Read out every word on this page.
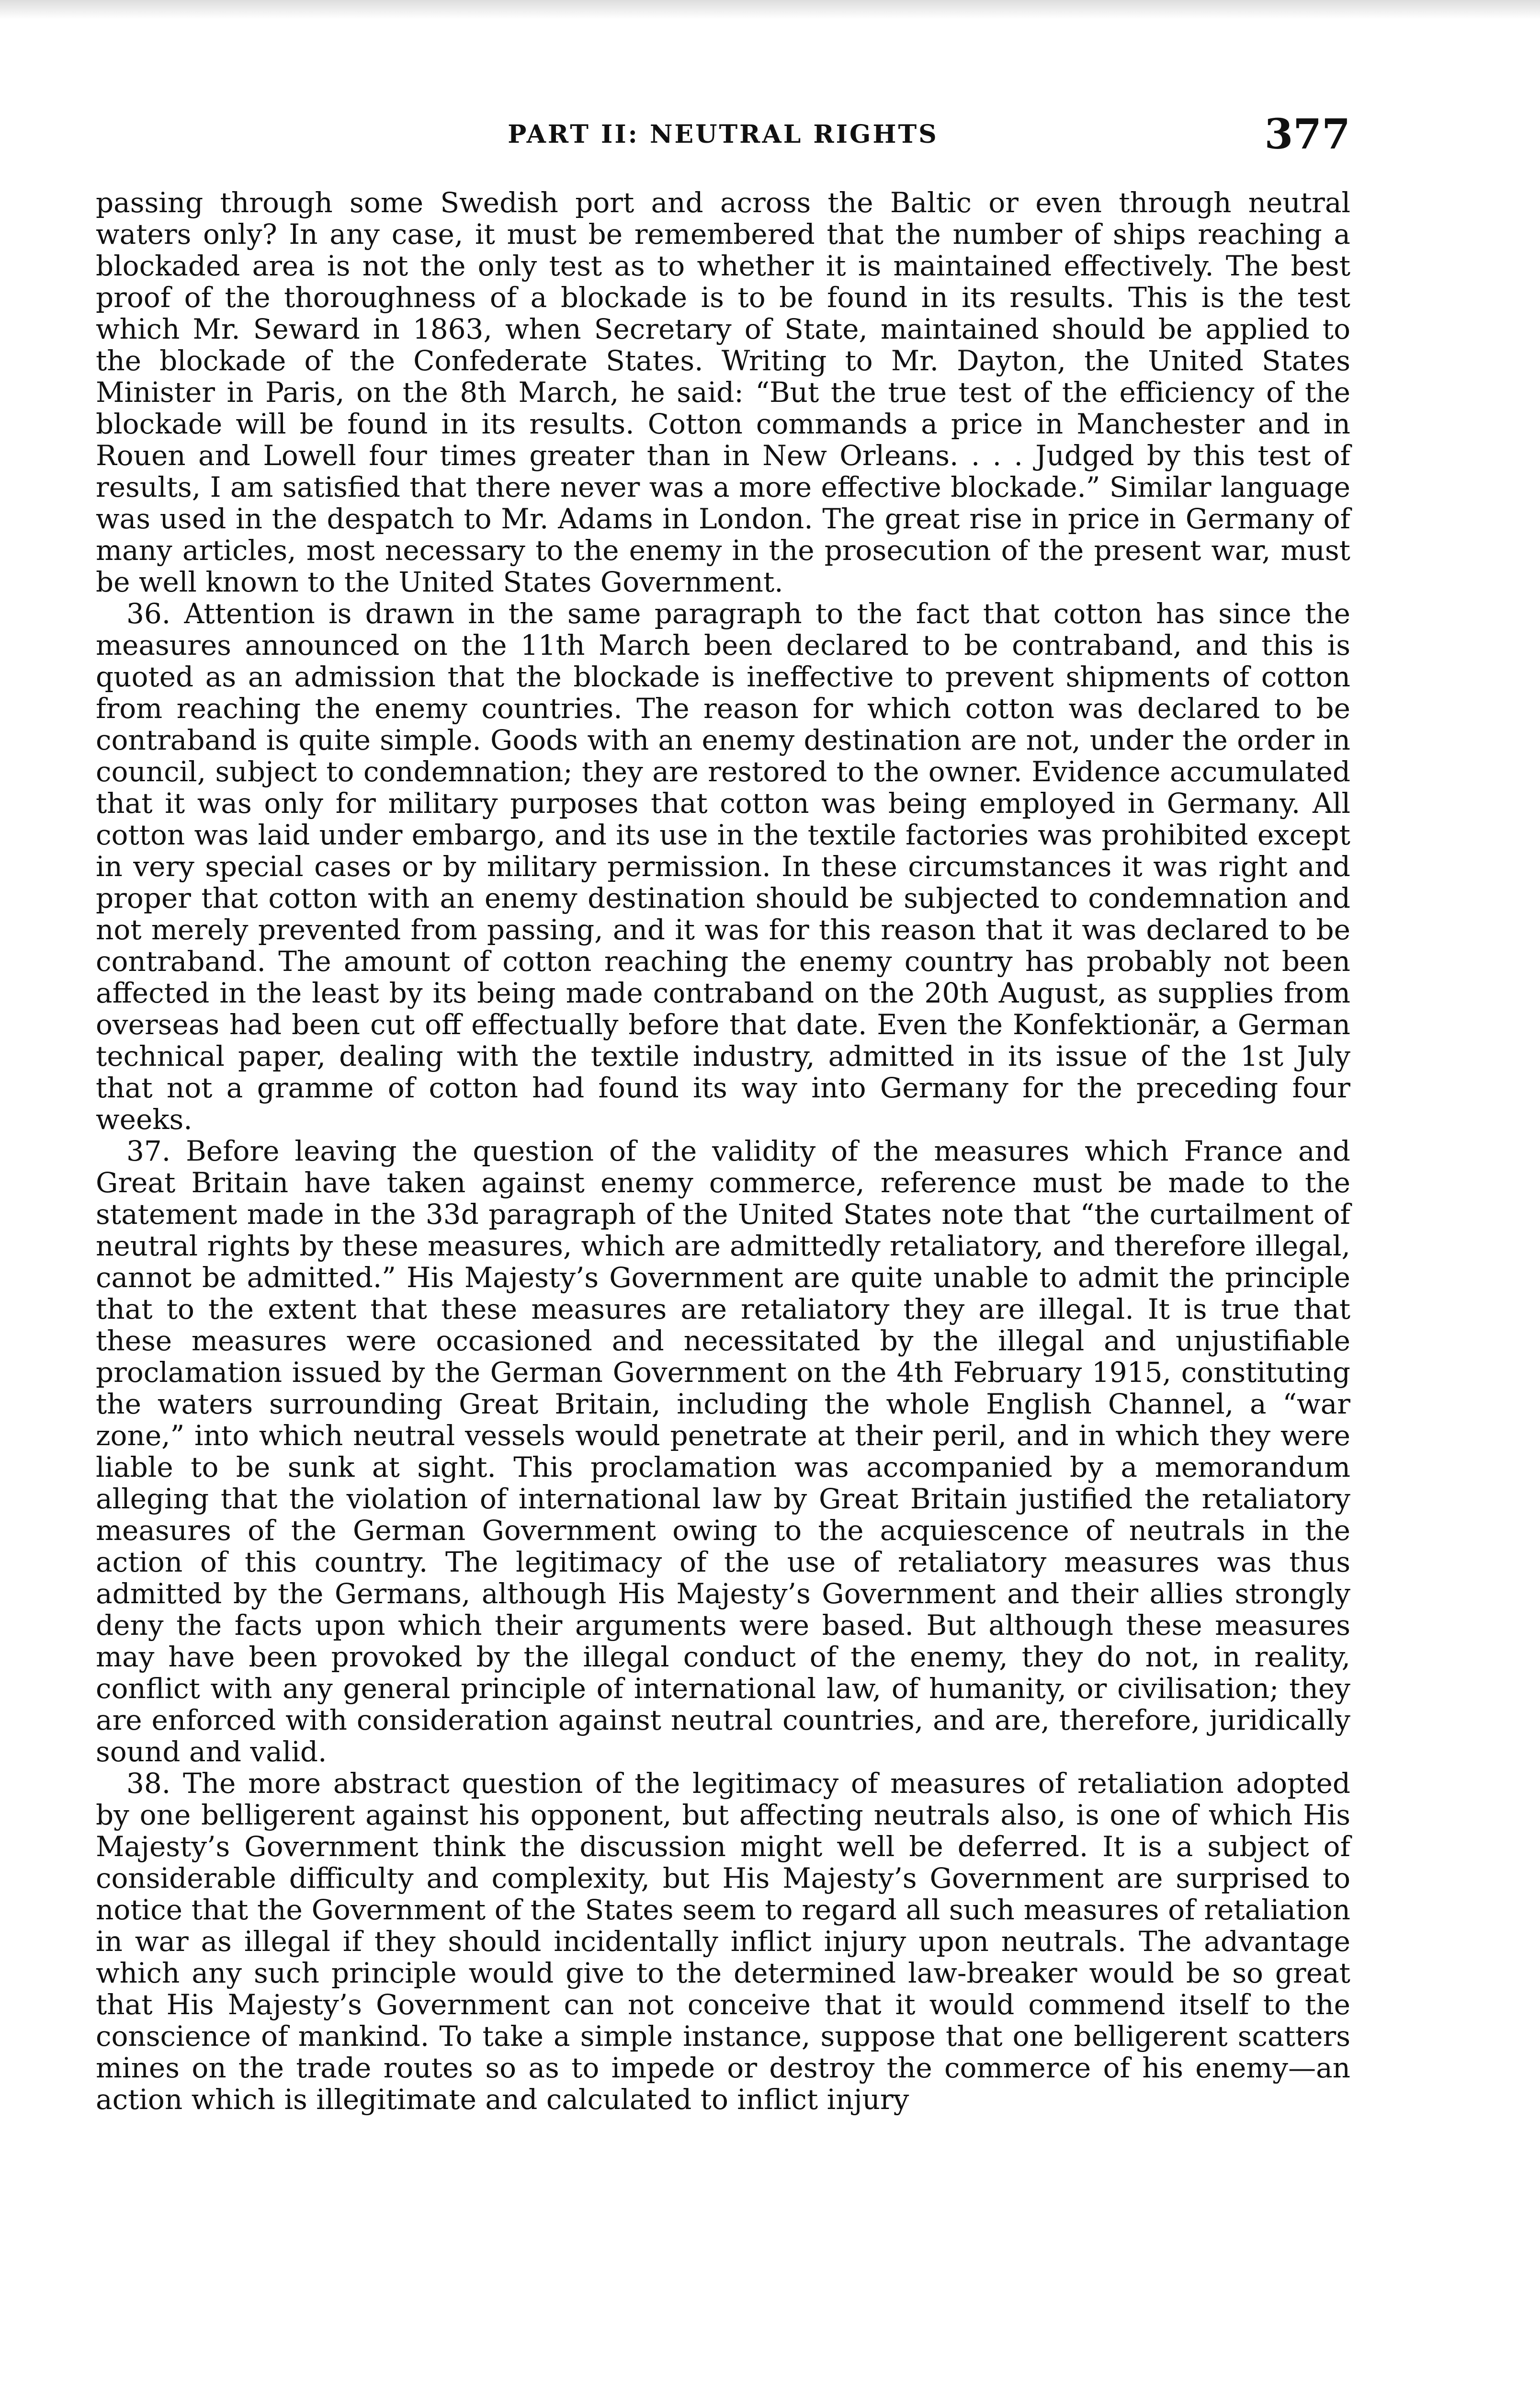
PART II: NEUTRAL RIGHTS	377

passing through some Swedish port and across the Baltic or even through neutral waters only? In any case, it must be remembered that the number of ships reaching a blockaded area is not the only test as to whether it is maintained effectively. The best proof of the thoroughness of a blockade is to be found in its results. This is the test which Mr. Seward in 1863, when Secretary of State, maintained should be applied to the blockade of the Confederate States. Writing to Mr. Dayton, the United States Minister in Paris, on the 8th March, he said: “But the true test of the efficiency of the blockade will be found in its results. Cotton commands a price in Manchester and in Rouen and Lowell four times greater than in New Orleans. . . . Judged by this test of results, I am satisfied that there never was a more effective blockade.” Similar language was used in the despatch to Mr. Adams in London. The great rise in price in Germany of many articles, most necessary to the enemy in the prosecution of the present war, must be well known to the United States Government.

36. Attention is drawn in the same paragraph to the fact that cotton has since the measures announced on the 11th March been declared to be contraband, and this is quoted as an admission that the blockade is ineffective to prevent shipments of cotton from reaching the enemy countries. The reason for which cotton was declared to be contraband is quite simple. Goods with an enemy destination are not, under the order in council, subject to condemnation; they are restored to the owner. Evidence accumulated that it was only for military purposes that cotton was being employed in Germany. All cotton was laid under embargo, and its use in the textile factories was prohibited except in very special cases or by military permission. In these circumstances it was right and proper that cotton with an enemy destination should be subjected to condemnation and not merely prevented from passing, and it was for this reason that it was declared to be contraband. The amount of cotton reaching the enemy country has probably not been affected in the least by its being made contraband on the 20th August, as supplies from overseas had been cut off effectually before that date. Even the Konfektionär, a German technical paper, dealing with the textile industry, admitted in its issue of the 1st July that not a gramme of cotton had found its way into Germany for the preceding four weeks.

37. Before leaving the question of the validity of the measures which France and Great Britain have taken against enemy commerce, reference must be made to the statement made in the 33d paragraph of the United States note that “the curtailment of neutral rights by these measures, which are admittedly retaliatory, and therefore illegal, cannot be admitted.” His Majesty’s Government are quite unable to admit the principle that to the extent that these measures are retaliatory they are illegal. It is true that these measures were occasioned and necessitated by the illegal and unjustifiable proclamation issued by the German Government on the 4th February 1915, constituting the waters surrounding Great Britain, including the whole English Channel, a “war zone,” into which neutral vessels would penetrate at their peril, and in which they were liable to be sunk at sight. This proclamation was accompanied by a memorandum alleging that the violation of international law by Great Britain justified the retaliatory measures of the German Government owing to the acquiescence of neutrals in the action of this country. The legitimacy of the use of retaliatory measures was thus admitted by the Germans, although His Majesty’s Government and their allies strongly deny the facts upon which their arguments were based. But although these measures may have been provoked by the illegal conduct of the enemy, they do not, in reality, conflict with any general principle of international law, of humanity, or civilisation; they are enforced with consideration against neutral countries, and are, therefore, juridically sound and valid.

38. The more abstract question of the legitimacy of measures of retaliation adopted by one belligerent against his opponent, but affecting neutrals also, is one of which His Majesty’s Government think the discussion might well be deferred. It is a subject of considerable difficulty and complexity, but His Majesty’s Government are surprised to notice that the Government of the States seem to regard all such measures of retaliation in war as illegal if they should incidentally inflict injury upon neutrals. The advantage which any such principle would give to the determined law-breaker would be so great that His Majesty’s Government can not conceive that it would commend itself to the conscience of mankind. To take a simple instance, suppose that one belligerent scatters mines on the trade routes so as to impede or destroy the commerce of his enemy—an action which is illegitimate and calculated to inflict injury
